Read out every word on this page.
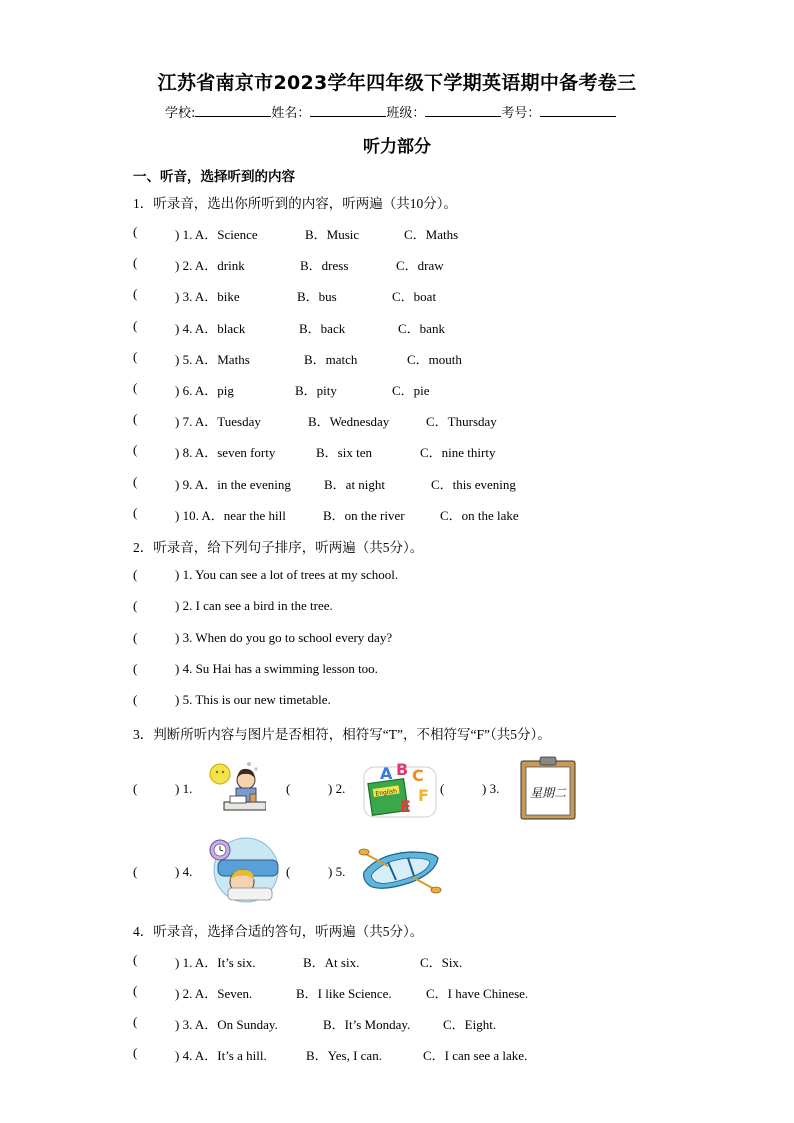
江苏省南京市2023学年四年级下学期英语期中备考卷三
学校:	姓名：	班级：	考号：
听力部分
一、听音，选择听到的内容
1．听录音，选出你所听到的内容，听两遍（共10分）。
(	) 1. A．Science	B．Music	C．Maths
(	) 2. A．drink	B．dress	C．draw
(	) 3. A．bike	B．bus	C．boat
(	) 4. A．black	B．back	C．bank
(	) 5. A．Maths	B．match	C．mouth
(	) 6. A．pig	B．pity	C．pie
(	) 7. A．Tuesday	B．Wednesday	C．Thursday
(	) 8. A．seven forty	B．six ten	C．nine thirty
(	) 9. A．in the evening	B．at night	C．this evening
(	) 10. A．near the hill	B．on the river	C．on the lake
2．听录音，给下列句子排序，听两遍（共5分）。
(	) 1. You can see a lot of trees at my school.
(	) 2. I can see a bird in the tree.
(	) 3. When do you go to school every day?
(	) 4. Su Hai has a swimming lesson too.
(	) 5. This is our new timetable.
3．判断所听内容与图片是否相符，相符写“T”，不相符写“F”（共5分）。
(	) 1.	(	) 2.	English
A B C
E
F (	) 3.	星期二
(	) 4.	(	) 5.
4．听录音，选择合适的答句，听两遍（共5分）。
(	) 1. A．It’s six.	B．At six.	C．Six.
(	) 2. A．Seven.	B．I like Science.	C．I have Chinese.
(	) 3. A．On Sunday.	B．It’s Monday.	C．Eight.
(	) 4. A．It’s a hill.	B．Yes, I can.	C．I can see a lake.
